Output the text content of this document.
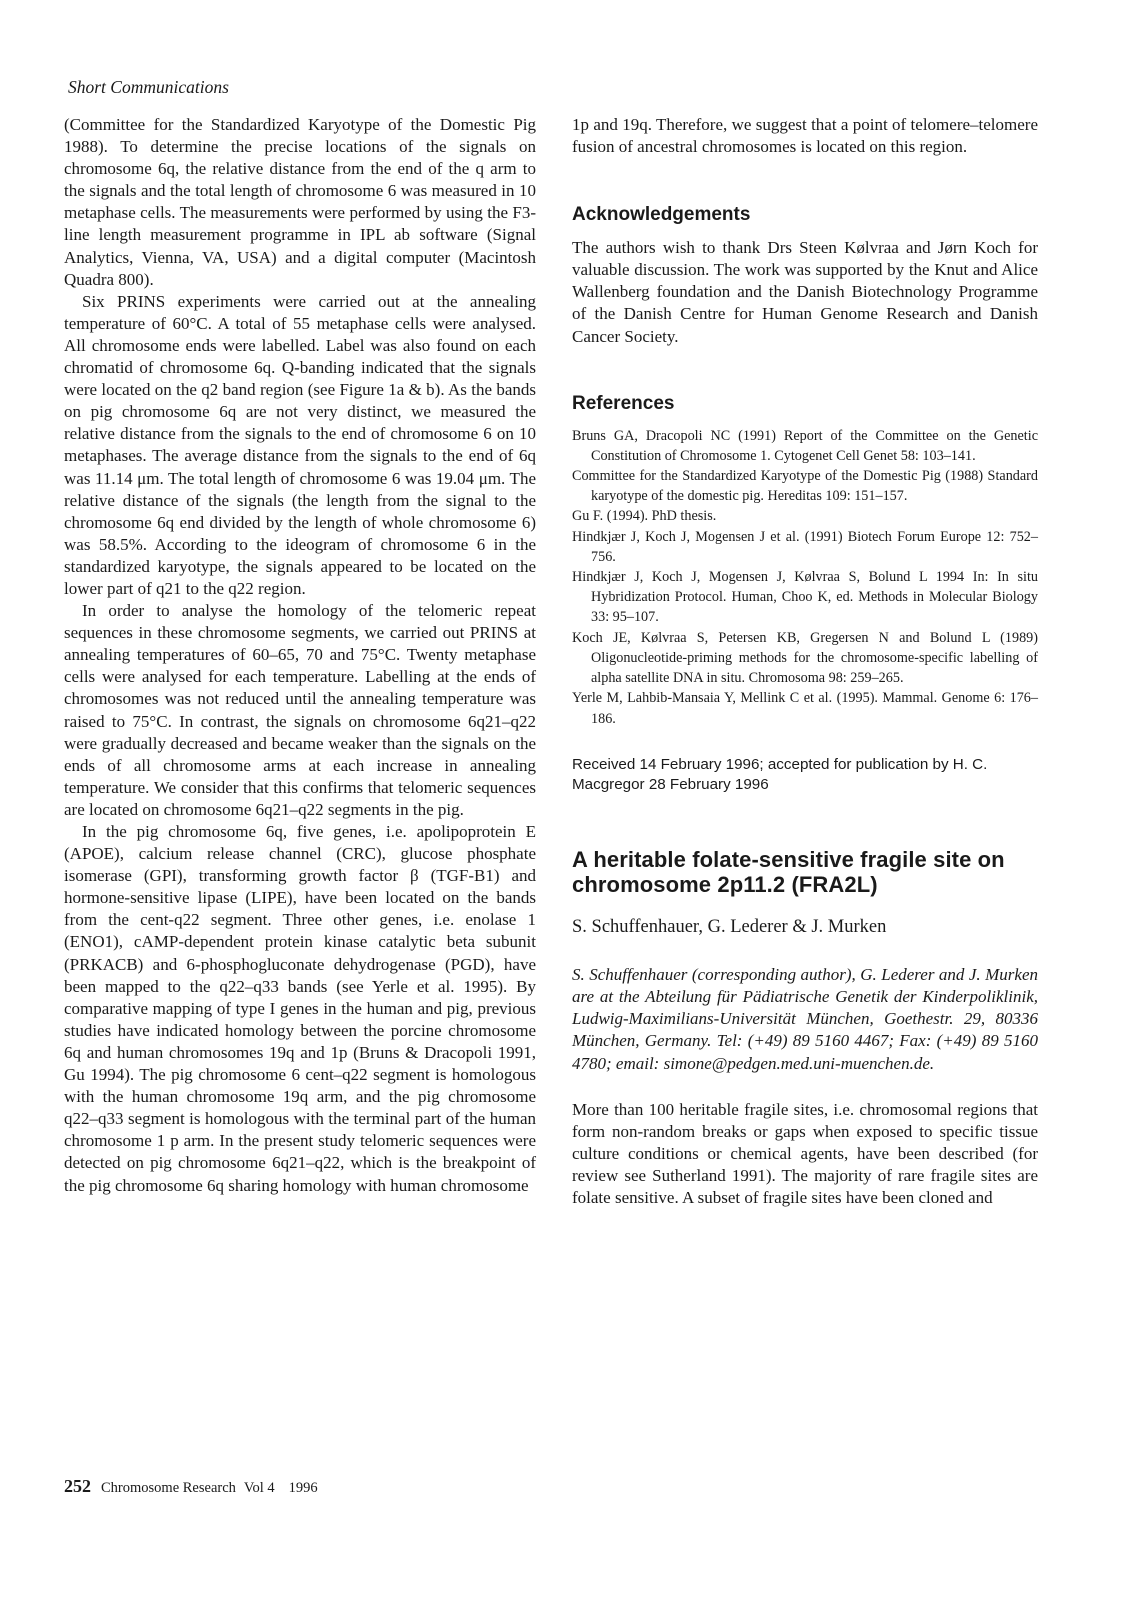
Short Communications

(Committee for the Standardized Karyotype of the Domestic Pig 1988). To determine the precise locations of the signals on chromosome 6q, the relative distance from the end of the q arm to the signals and the total length of chromosome 6 was measured in 10 metaphase cells. The measurements were performed by using the F3-line length measurement programme in IPL ab software (Signal Analytics, Vienna, VA, USA) and a digital computer (Macintosh Quadra 800).

Six PRINS experiments were carried out at the annealing temperature of 60°C. A total of 55 metaphase cells were analysed. All chromosome ends were labelled. Label was also found on each chromatid of chromosome 6q. Q-banding indicated that the signals were located on the q2 band region (see Figure 1a & b). As the bands on pig chromosome 6q are not very distinct, we measured the relative distance from the signals to the end of chromosome 6 on 10 metaphases. The average distance from the signals to the end of 6q was 11.14 μm. The total length of chromosome 6 was 19.04 μm. The relative distance of the signals (the length from the signal to the chromosome 6q end divided by the length of whole chromosome 6) was 58.5%. According to the ideogram of chromosome 6 in the standardized karyotype, the signals appeared to be located on the lower part of q21 to the q22 region.

In order to analyse the homology of the telomeric repeat sequences in these chromosome segments, we carried out PRINS at annealing temperatures of 60–65, 70 and 75°C. Twenty metaphase cells were analysed for each temperature. Labelling at the ends of chromosomes was not reduced until the annealing temperature was raised to 75°C. In contrast, the signals on chromosome 6q21–q22 were gradually decreased and became weaker than the signals on the ends of all chromosome arms at each increase in annealing temperature. We consider that this confirms that telomeric sequences are located on chromosome 6q21–q22 segments in the pig.

In the pig chromosome 6q, five genes, i.e. apolipoprotein E (APOE), calcium release channel (CRC), glucose phosphate isomerase (GPI), transforming growth factor β (TGF-B1) and hormone-sensitive lipase (LIPE), have been located on the bands from the cent-q22 segment. Three other genes, i.e. enolase 1 (ENO1), cAMP-dependent protein kinase catalytic beta subunit (PRKACB) and 6-phosphogluconate dehydrogenase (PGD), have been mapped to the q22–q33 bands (see Yerle et al. 1995). By comparative mapping of type I genes in the human and pig, previous studies have indicated homology between the porcine chromosome 6q and human chromosomes 19q and 1p (Bruns & Dracopoli 1991, Gu 1994). The pig chromosome 6 cent–q22 segment is homologous with the human chromosome 19q arm, and the pig chromosome q22–q33 segment is homologous with the terminal part of the human chromosome 1 p arm. In the present study telomeric sequences were detected on pig chromosome 6q21–q22, which is the breakpoint of the pig chromosome 6q sharing homology with human chromosome

1p and 19q. Therefore, we suggest that a point of telomere–telomere fusion of ancestral chromosomes is located on this region.

Acknowledgements

The authors wish to thank Drs Steen Kølvraa and Jørn Koch for valuable discussion. The work was supported by the Knut and Alice Wallenberg foundation and the Danish Biotechnology Programme of the Danish Centre for Human Genome Research and Danish Cancer Society.

References
Bruns GA, Dracopoli NC (1991) Report of the Committee on the Genetic Constitution of Chromosome 1. Cytogenet Cell Genet 58: 103–141.
Committee for the Standardized Karyotype of the Domestic Pig (1988) Standard karyotype of the domestic pig. Hereditas 109: 151–157.
Gu F. (1994). PhD thesis.
Hindkjær J, Koch J, Mogensen J et al. (1991) Biotech Forum Europe 12: 752–756.
Hindkjær J, Koch J, Mogensen J, Kølvraa S, Bolund L 1994 In: In situ Hybridization Protocol. Human, Choo K, ed. Methods in Molecular Biology 33: 95–107.
Koch JE, Kølvraa S, Petersen KB, Gregersen N and Bolund L (1989) Oligonucleotide-priming methods for the chromosome-specific labelling of alpha satellite DNA in situ. Chromosoma 98: 259–265.
Yerle M, Lahbib-Mansaia Y, Mellink C et al. (1995). Mammal. Genome 6: 176–186.

Received 14 February 1996; accepted for publication by H. C. Macgregor 28 February 1996

A heritable folate-sensitive fragile site on chromosome 2p11.2 (FRA2L)

S. Schuffenhauer, G. Lederer & J. Murken

S. Schuffenhauer (corresponding author), G. Lederer and J. Murken are at the Abteilung für Pädiatrische Genetik der Kinderpoliklinik, Ludwig-Maximilians-Universität München, Goethestr. 29, 80336 München, Germany. Tel: (+49) 89 5160 4467; Fax: (+49) 89 5160 4780; email: simone@pedgen.med.uni-muenchen.de.

More than 100 heritable fragile sites, i.e. chromosomal regions that form non-random breaks or gaps when exposed to specific tissue culture conditions or chemical agents, have been described (for review see Sutherland 1991). The majority of rare fragile sites are folate sensitive. A subset of fragile sites have been cloned and

252 Chromosome Research Vol 4 1996
